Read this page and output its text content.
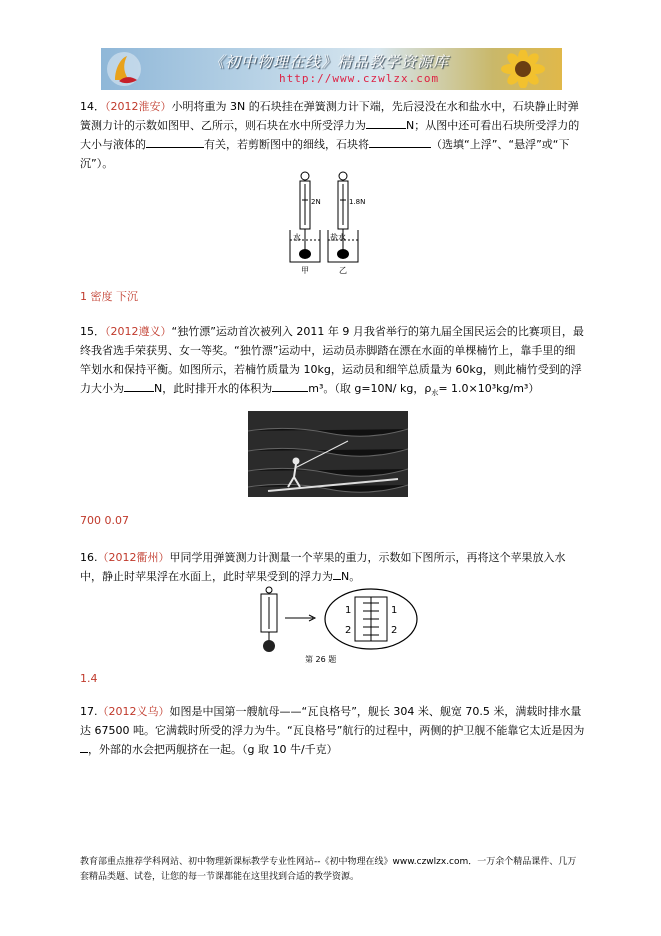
《初中物理在线》精品教学资源库
http://www.czwlzx.com
14．（2012淮安）小明将重为 3N 的石块挂在弹簧测力计下端，先后浸没在水和盐水中，石块静止时弹簧测力计的示数如图甲、乙所示，则石块在水中所受浮力为	N；从图中还可看出石块所受浮力的大小与液体的	有关，若剪断图中的细线，石块将	（选填“上浮”、“悬浮”或“下沉”）。
2N	1.8N
水	盐水
甲	乙
1 密度 下沉
15．（2012遵义）“独竹漂”运动首次被列入 2011 年 9 月我省举行的第九届全国民运会的比赛项目，最终我省选手荣获男、女一等奖。“独竹漂”运动中，运动员赤脚踏在漂在水面的单棵楠竹上，靠手里的细竿划水和保持平衡。如图所示，若楠竹质量为 10kg，运动员和细竿总质量为 60kg，则此楠竹受到的浮力大小为	N，此时排开水的体积为	m³。（取 g=10N/ kg，$\rho_水= 1.0\times 10^3kg/m^3$）
700 0.07
16.（2012衢州）甲同学用弹簧测力计测量一个苹果的重力，示数如下图所示，再将这个苹果放入水中，静止时苹果浮在水面上，此时苹果受到的浮力为 N。
1
2
1
2
第 26 题
1.4
17.（2012义乌）如图是中国第一艘航母——“瓦良格号”，舰长 304 米、舰宽 70.5 米，满载时排水量达 67500 吨。它满载时所受的浮力为牛。“瓦良格号”航行的过程中，两侧的护卫舰不能靠它太近是因为，外部的水会把两舰挤在一起。（g 取 10 牛/千克）
教育部重点推荐学科网站、初中物理新课标教学专业性网站--《初中物理在线》www.czwlzx.com．一万余个精品课件、几万套精品类题、试卷，让您的每一节课都能在这里找到合适的教学资源。
